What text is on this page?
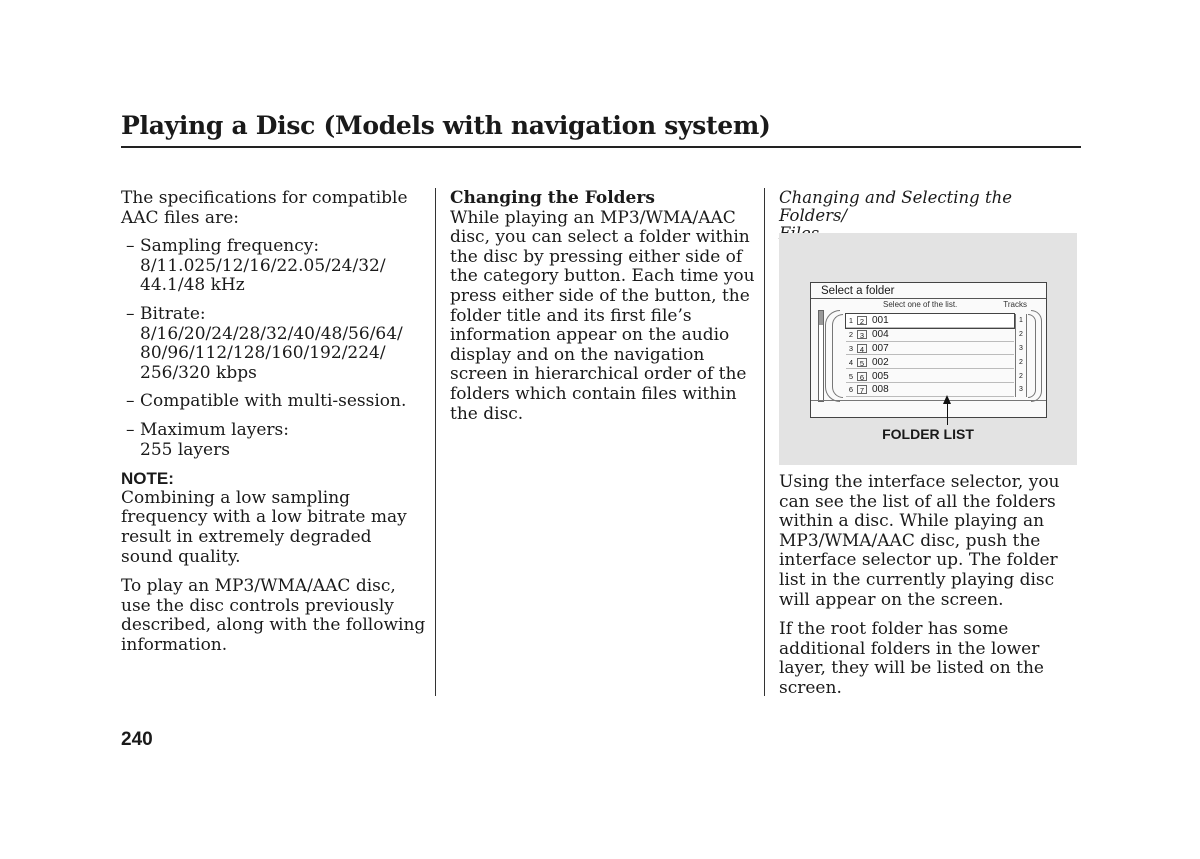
Playing a Disc (Models with navigation system)

The specifications for compatible AAC files are:

– Sampling frequency:
8/11.025/12/16/22.05/24/32/
44.1/48 kHz
– Bitrate:
8/16/20/24/28/32/40/48/56/64/
80/96/112/128/160/192/224/
256/320 kbps
– Compatible with multi-session.
– Maximum layers:
255 layers
NOTE:

Combining a low sampling frequency with a low bitrate may result in extremely degraded sound quality.

To play an MP3/WMA/AAC disc, use the disc controls previously described, along with the following information.

Changing the Folders

While playing an MP3/WMA/AAC disc, you can select a folder within the disc by pressing either side of the category button. Each time you press either side of the button, the folder title and its first file’s information appear on the audio display and on the navigation screen in hierarchical order of the folders which contain files within the disc.

Changing and Selecting the Folders/

Select a folder
Select one of the list.	Tracks
1 2 001
2 3 004
3 4 007
4 5 002
5 6 005
6 7 008
1
2
3
2
2
3
FOLDER LIST

Using the interface selector, you can see the list of all the folders within a disc. While playing an MP3/WMA/AAC disc, push the interface selector up. The folder list in the currently playing disc will appear on the screen.

If the root folder has some additional folders in the lower layer, they will be listed on the screen.

240
